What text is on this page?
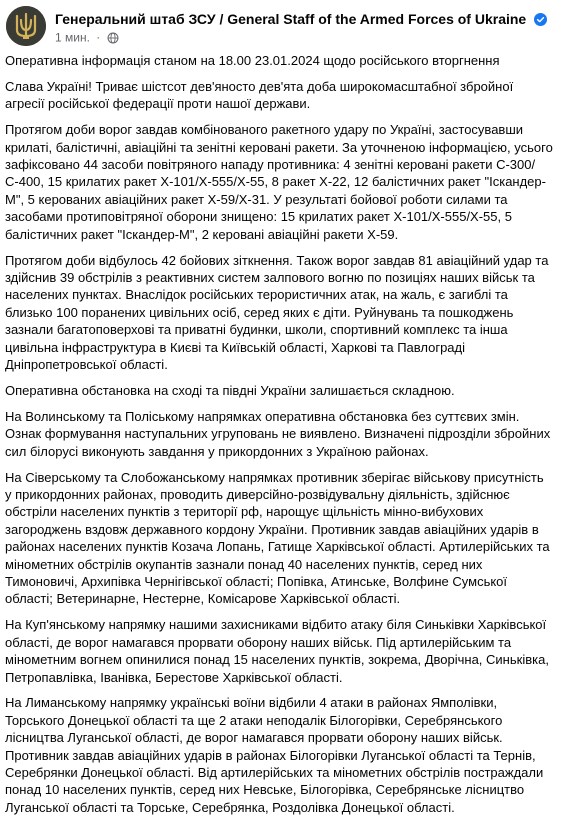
Генеральний штаб ЗСУ / General Staff of the Armed Forces of Ukraine
1 мин. ·

Оперативна інформація станом на 18.00 23.01.2024 щодо російського вторгнення

Слава Україні! Триває шістсот дев'яносто дев'ята доба широкомасштабної збройної агресії російської федерації проти нашої держави.

Протягом доби ворог завдав комбінованого ракетного удару по Україні, застосувавши крилаті, балістичні, авіаційні та зенітні керовані ракети. За уточненою інформацією, усього зафіксовано 44 засоби повітряного нападу противника: 4 зенітні керовані ракети С-300/С-400, 15 крилатих ракет Х-101/Х-555/Х-55, 8 ракет Х-22, 12 балістичних ракет "Іскандер-М", 5 керованих авіаційних ракет Х-59/Х-31. У результаті бойової роботи силами та засобами протиповітряної оборони знищено: 15 крилатих ракет Х-101/Х-555/Х-55, 5 балістичних ракет "Іскандер-М", 2 керовані авіаційні ракети Х-59.

Протягом доби відбулось 42 бойових зіткнення. Також ворог завдав 81 авіаційний удар та здійснив 39 обстрілів з реактивних систем залпового вогню по позиціях наших військ та населених пунктах. Внаслідок російських терористичних атак, на жаль, є загиблі та близько 100 поранених цивільних осіб, серед яких є діти. Руйнувань та пошкоджень зазнали багатоповерхові та приватні будинки, школи, спортивний комплекс та інша цивільна інфраструктура в Києві та Київській області, Харкові та Павлограді Дніпропетровської області.

Оперативна обстановка на сході та півдні України залишається складною.

На Волинському та Поліському напрямках оперативна обстановка без суттєвих змін. Ознак формування наступальних угруповань не виявлено. Визначені підрозділи збройних сил білорусі виконують завдання у прикордонних з Україною районах.

На Сіверському та Слобожанському напрямках противник зберігає військову присутність у прикордонних районах, проводить диверсійно-розвідувальну діяльність, здійснює обстріли населених пунктів з території рф, нарощує щільність мінно-вибухових загороджень вздовж державного кордону України. Противник завдав авіаційних ударів в районах населених пунктів Козача Лопань, Гатище Харківської області. Артилерійських та мінометних обстрілів окупантів зазнали понад 40 населених пунктів, серед них Тимоновичі, Архипівка Чернігівської області; Попівка, Атинське, Волфине Сумської області; Ветеринарне, Нестерне, Комісарове Харківської області.

На Куп'янському напрямку нашими захисниками відбито атаку біля Синьківки Харківської області, де ворог намагався прорвати оборону наших військ. Під артилерійським та мінометним вогнем опинилися понад 15 населених пунктів, зокрема, Дворічна, Синьківка, Петропавлівка, Іванівка, Берестове Харківської області.

На Лиманському напрямку українські воїни відбили 4 атаки в районах Ямполівки, Торського Донецької області та ще 2 атаки неподалік Білогорівки, Серебрянського лісництва Луганської області, де ворог намагався прорвати оборону наших військ. Противник завдав авіаційних ударів в районах Білогорівки Луганської області та Тернів, Серебрянки Донецької області. Від артилерійських та мінометних обстрілів постраждали понад 10 населених пунктів, серед них Невське, Білогорівка, Серебрянське лісництво Луганської області та Торське, Серебрянка, Роздолівка Донецької області.
